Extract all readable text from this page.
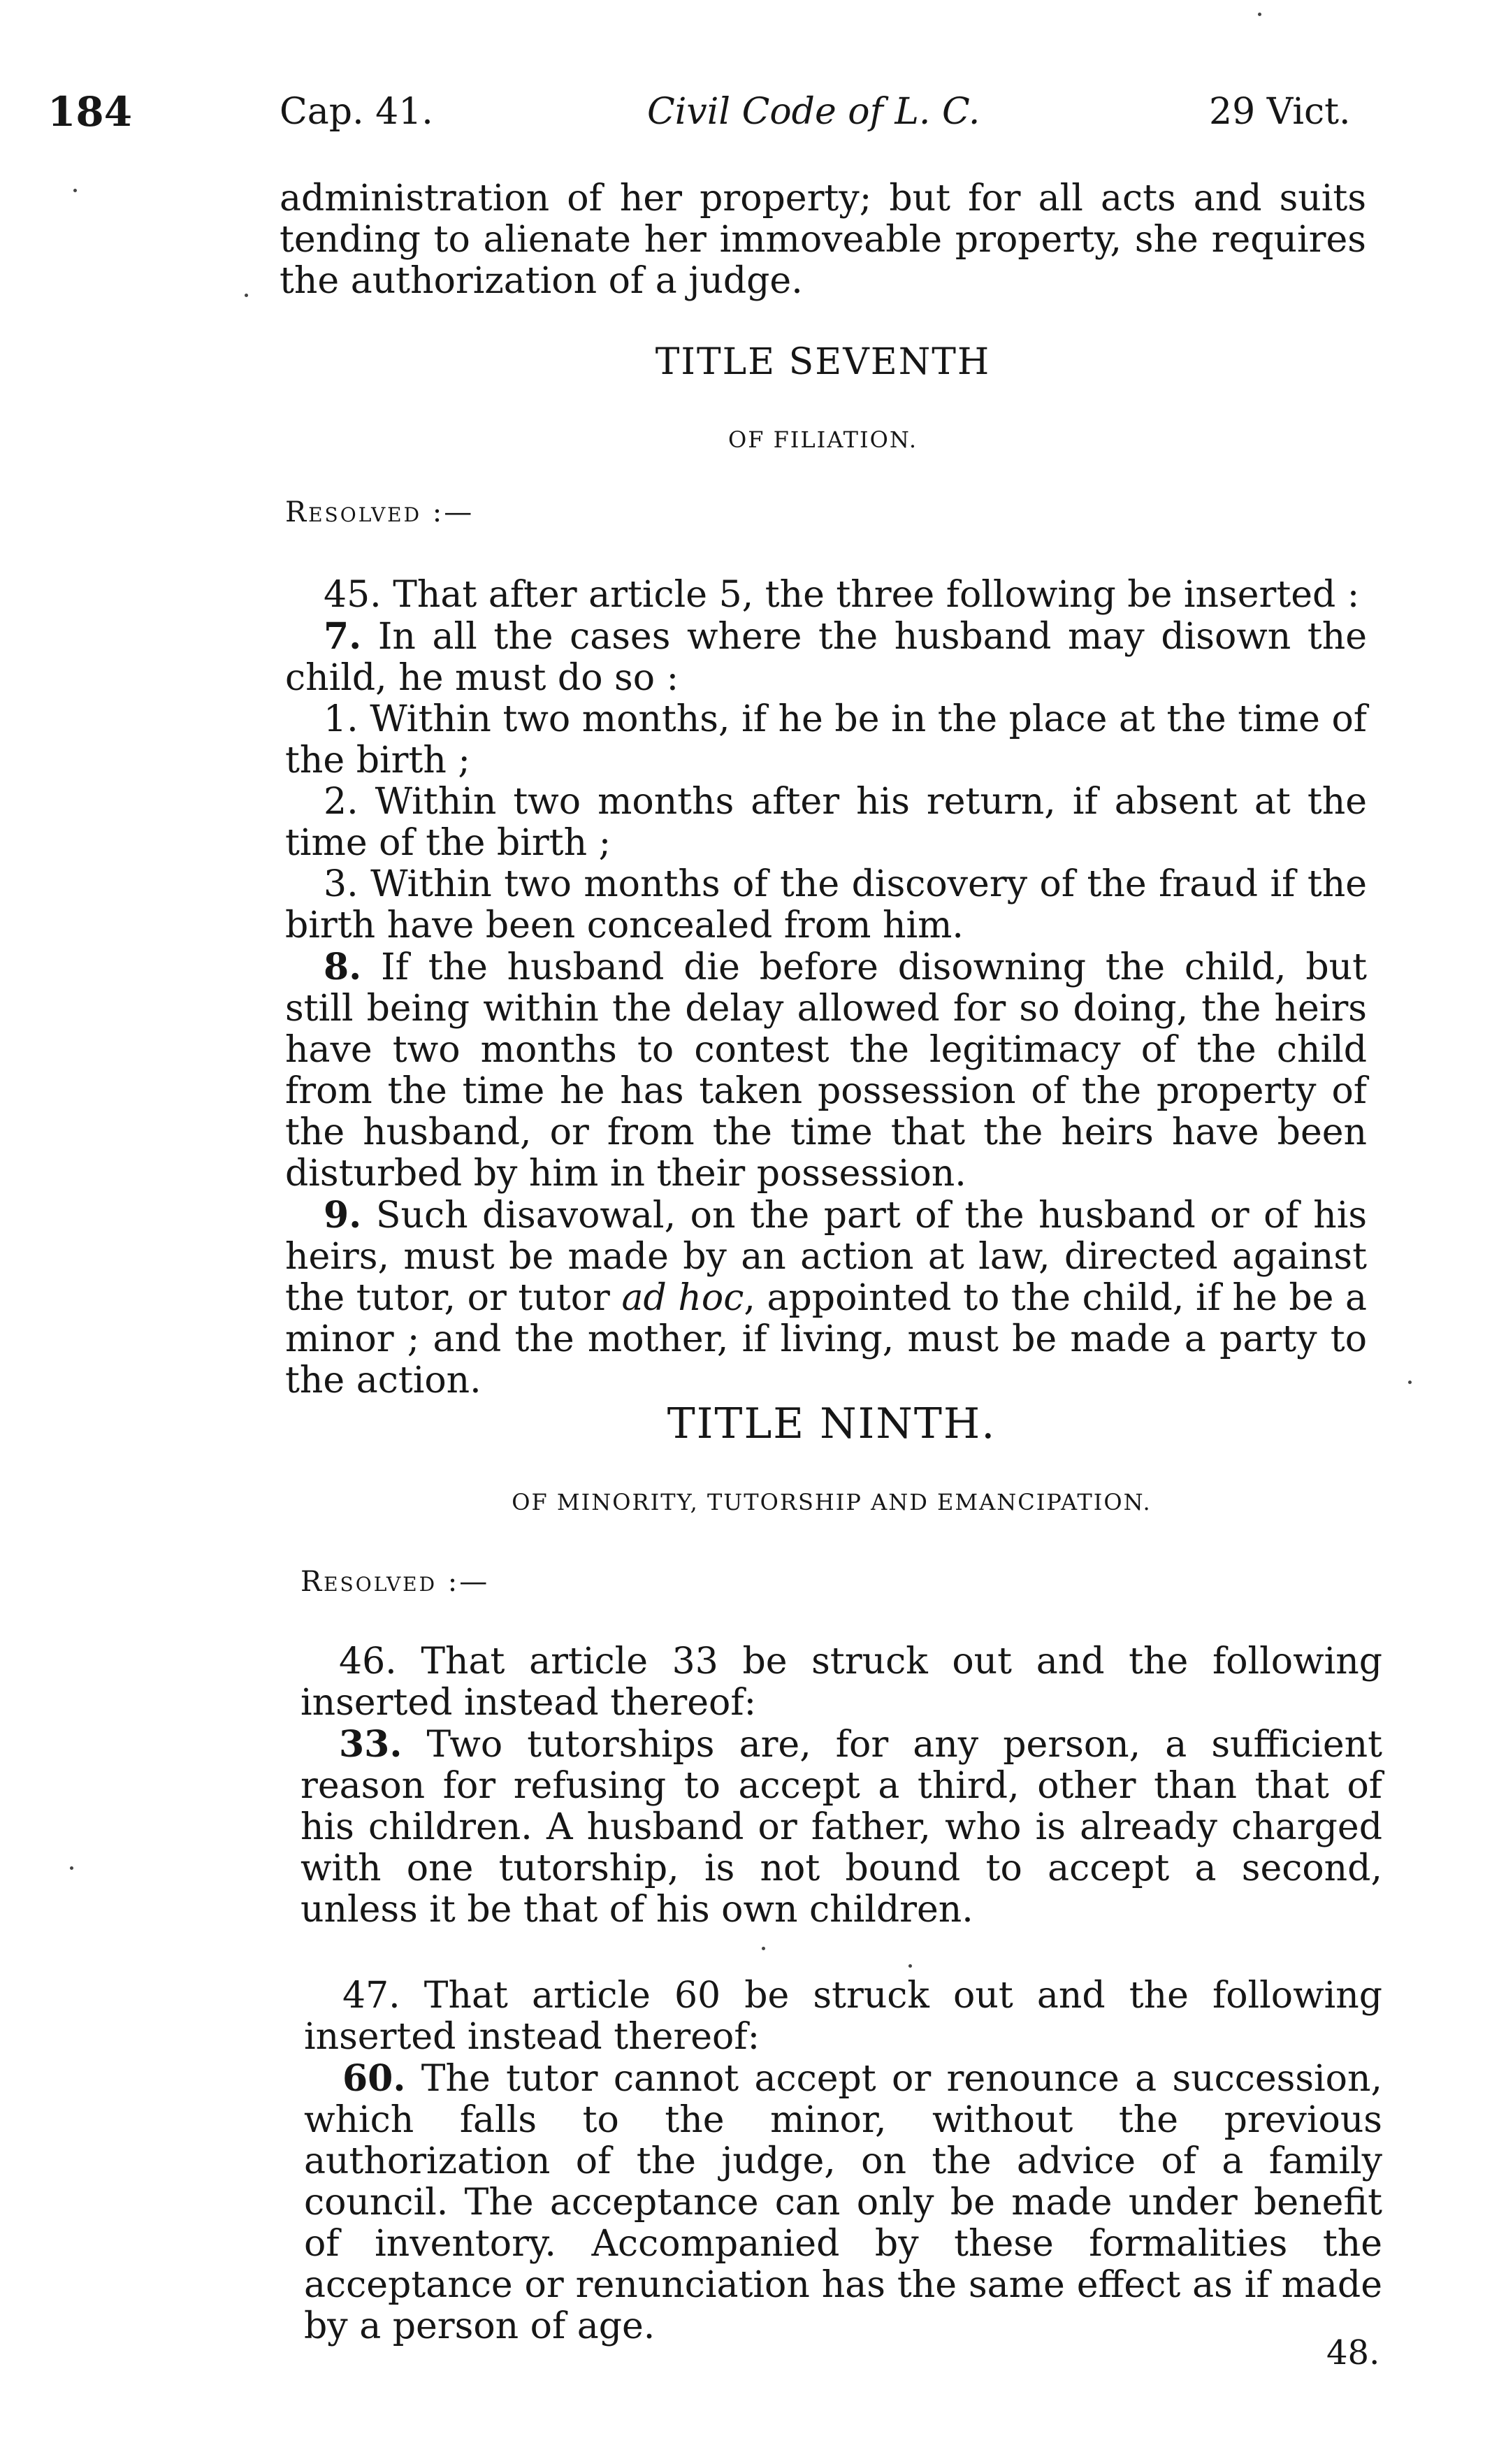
184	Cap. 41.	Civil Code of L. C.	29 Vict.

administration of her property; but for all acts and suits tending to alienate her immoveable property, she requires the authorization of a judge.

TITLE SEVENTH
OF FILIATION.
Resolved :—

45. That after article 5, the three following be inserted :

7. In all the cases where the husband may disown the child, he must do so :

1. Within two months, if he be in the place at the time of the birth ;

2. Within two months after his return, if absent at the time of the birth ;

3. Within two months of the discovery of the fraud if the birth have been concealed from him.

8. If the husband die before disowning the child, but still being within the delay allowed for so doing, the heirs have two months to contest the legitimacy of the child from the time he has taken possession of the property of the husband, or from the time that the heirs have been disturbed by him in their possession.

9. Such disavowal, on the part of the husband or of his heirs, must be made by an action at law, directed against the tutor, or tutor ad hoc, appointed to the child, if he be a minor ; and the mother, if living, must be made a party to the action.

TITLE NINTH.
OF MINORITY, TUTORSHIP AND EMANCIPATION.
Resolved :—

46. That article 33 be struck out and the following inserted instead thereof:

33. Two tutorships are, for any person, a sufficient reason for refusing to accept a third, other than that of his children. A husband or father, who is already charged with one tutorship, is not bound to accept a second, unless it be that of his own children.

47. That article 60 be struck out and the following inserted instead thereof:

60. The tutor cannot accept or renounce a succession, which falls to the minor, without the previous authorization of the judge, on the advice of a family council. The acceptance can only be made under benefit of inventory. Accompanied by these formalities the acceptance or renunciation has the same effect as if made by a person of age.

48.
